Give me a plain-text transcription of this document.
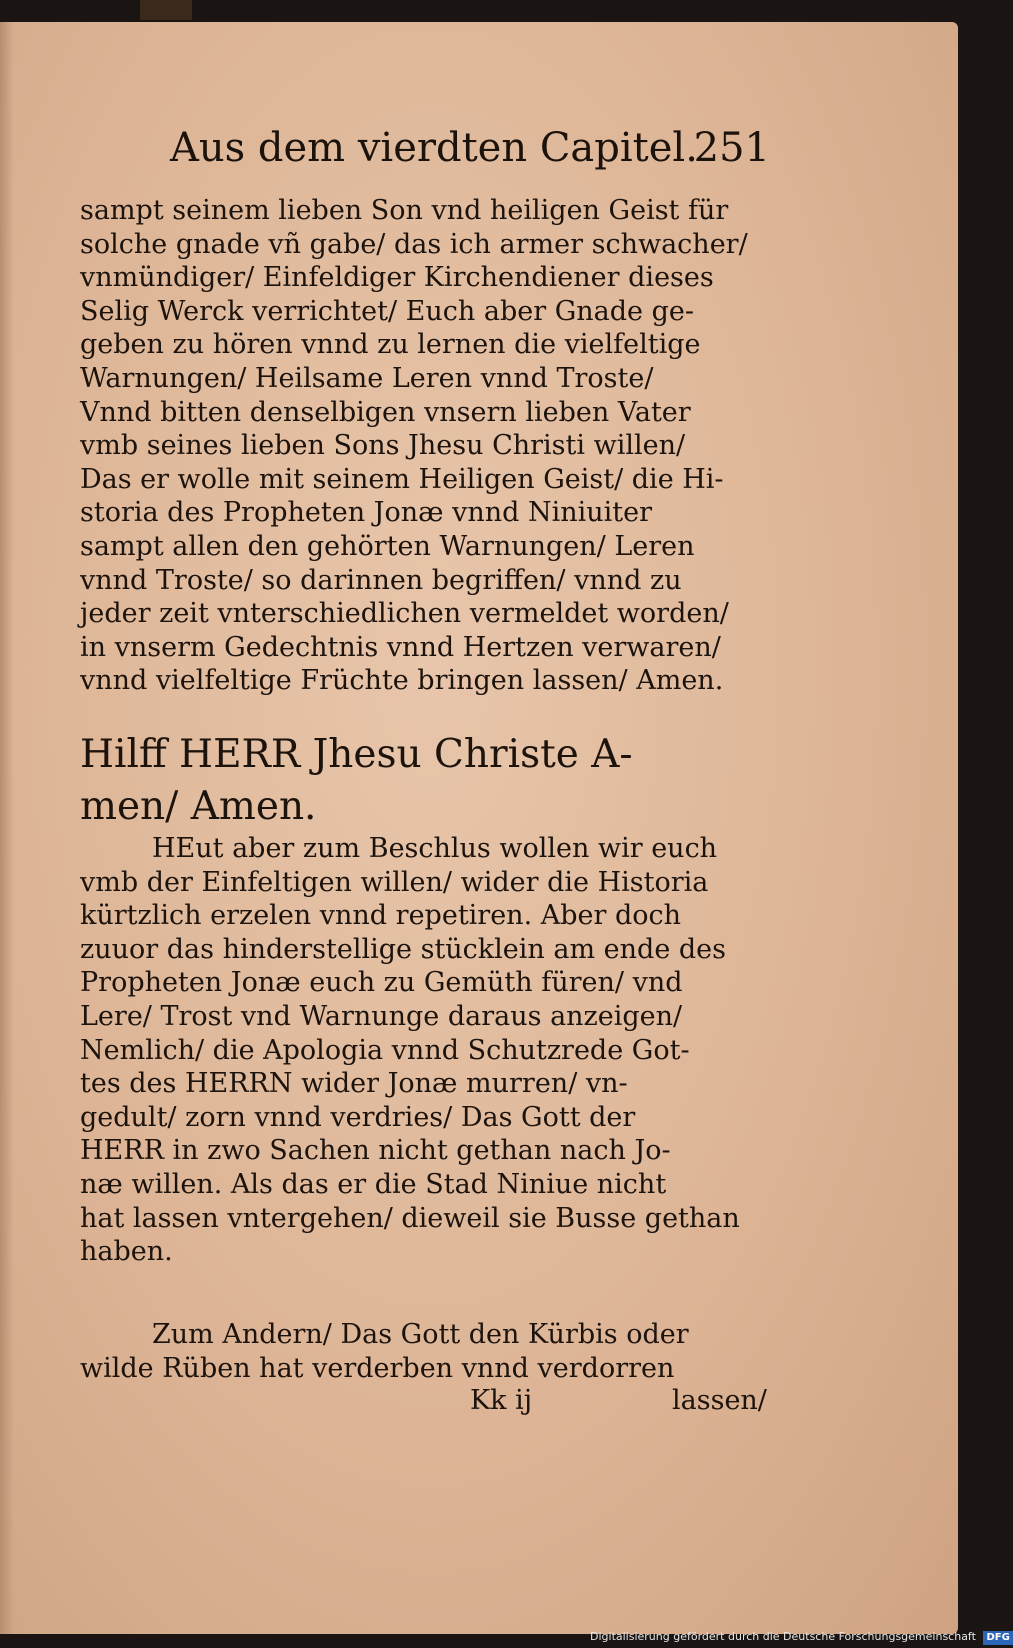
Aus dem vierdten Capitel.
251
sampt seinem lieben Son vnd heiligen Geist für
solche gnade vñ gabe/ das ich armer schwacher/
vnmündiger/ Einfeldiger Kirchendiener dieses
Selig Werck verrichtet/ Euch aber Gnade ge-
geben zu hören vnnd zu lernen die vielfeltige
Warnungen/ Heilsame Leren vnnd Troste/
Vnnd bitten denselbigen vnsern lieben Vater
vmb seines lieben Sons Jhesu Christi willen/
Das er wolle mit seinem Heiligen Geist/ die Hi-
storia des Propheten Jonæ vnnd Niniuiter
sampt allen den gehörten Warnungen/ Leren
vnnd Troste/ so darinnen begriffen/ vnnd zu
jeder zeit vnterschiedlichen vermeldet worden/
in vnserm Gedechtnis vnnd Hertzen verwaren/
vnnd vielfeltige Früchte bringen lassen/ Amen.
Hilff HERR Jhesu Christe A-
men/ Amen.
HEut aber zum Beschlus wollen wir euch
vmb der Einfeltigen willen/ wider die Historia
kürtzlich erzelen vnnd repetiren. Aber doch
zuuor das hinderstellige stücklein am ende des
Propheten Jonæ euch zu Gemüth füren/ vnd
Lere/ Trost vnd Warnunge daraus anzeigen/
Nemlich/ die Apologia vnnd Schutzrede Got-
tes des HERRN wider Jonæ murren/ vn-
gedult/ zorn vnnd verdries/ Das Gott der
HERR in zwo Sachen nicht gethan nach Jo-
næ willen. Als das er die Stad Niniue nicht
hat lassen vntergehen/ dieweil sie Busse gethan
haben.
Zum Andern/ Das Gott den Kürbis oder
wilde Rüben hat verderben vnnd verdorren
Kk ij	lassen/
Digitalisierung gefördert durch die Deutsche Forschungsgemeinschaft DFG
